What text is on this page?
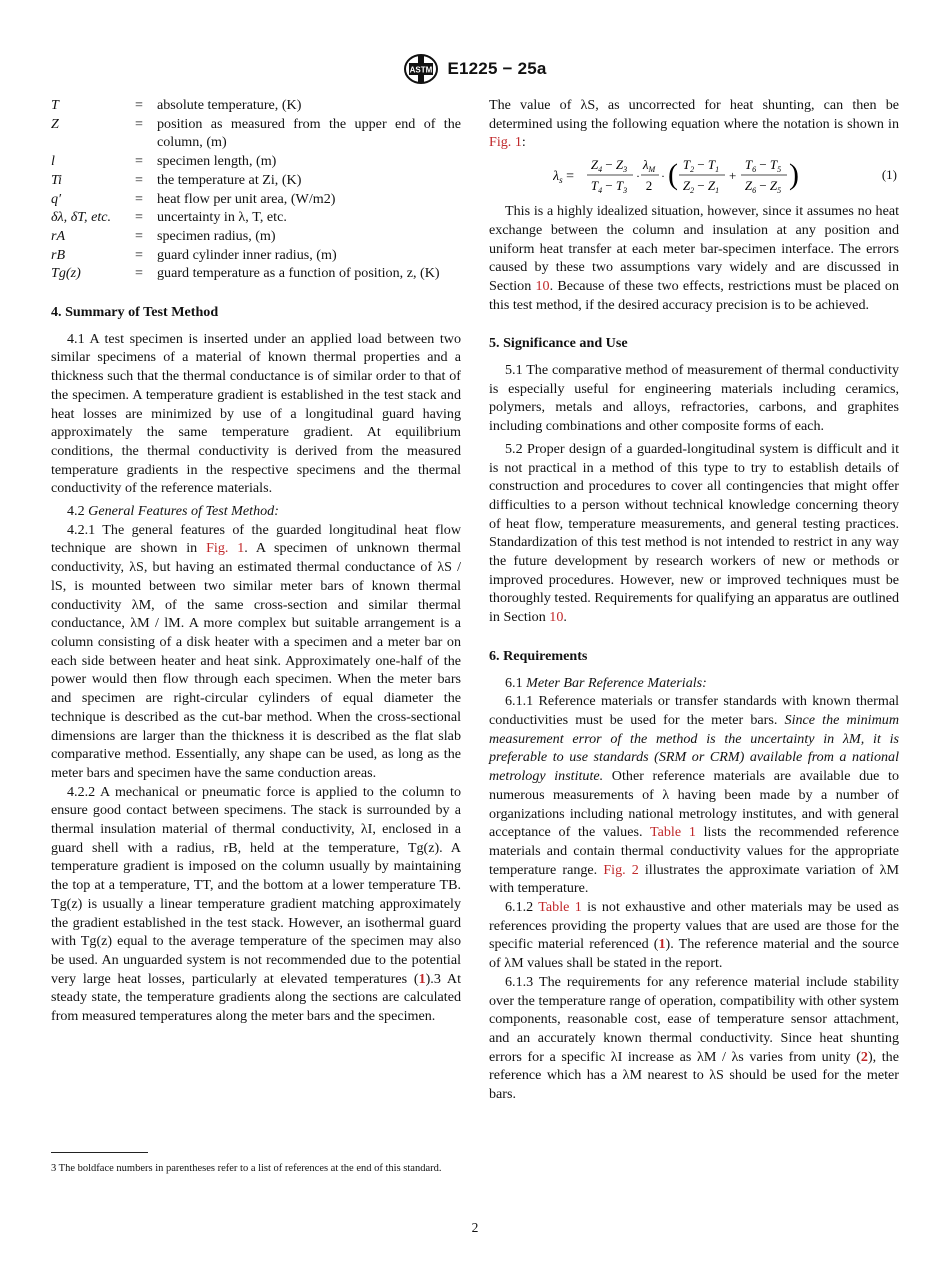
ASTM E1225 − 25a
T	=	absolute temperature, (K)
Z	=	position as measured from the upper end of the column, (m)
l	=	specimen length, (m)
Ti	=	the temperature at Zi, (K)
q′	=	heat flow per unit area, (W/m2)
δλ, δT, etc.	=	uncertainty in λ, T, etc.
rA	=	specimen radius, (m)
rB	=	guard cylinder inner radius, (m)
Tg(z)	=	guard temperature as a function of position, z, (K)

4. Summary of Test Method

4.1 A test specimen is inserted under an applied load between two similar specimens of a material of known thermal properties and a thickness such that the thermal conductance is of similar order to that of the specimen. A temperature gradient is established in the test stack and heat losses are minimized by use of a longitudinal guard having approximately the same temperature gradient. At equilibrium conditions, the thermal conductivity is derived from the measured temperature gradients in the respective specimens and the thermal conductivity of the reference materials.

4.2 General Features of Test Method:

4.2.1 The general features of the guarded longitudinal heat flow technique are shown in Fig. 1. A specimen of unknown thermal conductivity, λS, but having an estimated thermal conductance of λS / lS, is mounted between two similar meter bars of known thermal conductivity λM, of the same cross-section and similar thermal conductance, λM / lM. A more complex but suitable arrangement is a column consisting of a disk heater with a specimen and a meter bar on each side between heater and heat sink. Approximately one-half of the power would then flow through each specimen. When the meter bars and specimen are right-circular cylinders of equal diameter the technique is described as the cut-bar method. When the cross-sectional dimensions are larger than the thickness it is described as the flat slab comparative method. Essentially, any shape can be used, as long as the meter bars and specimen have the same conduction areas.

4.2.2 A mechanical or pneumatic force is applied to the column to ensure good contact between specimens. The stack is surrounded by a thermal insulation material of thermal conductivity, λI, enclosed in a guard shell with a radius, rB, held at the temperature, Tg(z). A temperature gradient is imposed on the column usually by maintaining the top at a temperature, TT, and the bottom at a lower temperature TB. Tg(z) is usually a linear temperature gradient matching approximately the gradient established in the test stack. However, an isothermal guard with Tg(z) equal to the average temperature of the specimen may also be used. An unguarded system is not recommended due to the potential very large heat losses, particularly at elevated temperatures (1).3 At steady state, the temperature gradients along the sections are calculated from measured temperatures along the meter bars and the specimen.

3 The boldface numbers in parentheses refer to a list of references at the end of this standard.

The value of λS, as uncorrected for heat shunting, can then be determined using the following equation where the notation is shown in Fig. 1:

$\lambda_s$ =
$Z_4 - Z_3$
$T_4 - T_3$
·
$\lambda_M$
2
· ( $T_2 - T_1$
$Z_2 - Z_1$
+
$T_6 - T_5$
$Z_6 - Z_5$ )	(1)

This is a highly idealized situation, however, since it assumes no heat exchange between the column and insulation at any position and uniform heat transfer at each meter bar-specimen interface. The errors caused by these two assumptions vary widely and are discussed in Section 10. Because of these two effects, restrictions must be placed on this test method, if the desired accuracy precision is to be achieved.

5. Significance and Use

5.1 The comparative method of measurement of thermal conductivity is especially useful for engineering materials including ceramics, polymers, metals and alloys, refractories, carbons, and graphites including combinations and other composite forms of each.

5.2 Proper design of a guarded-longitudinal system is difficult and it is not practical in a method of this type to try to establish details of construction and procedures to cover all contingencies that might offer difficulties to a person without technical knowledge concerning theory of heat flow, temperature measurements, and general testing practices. Standardization of this test method is not intended to restrict in any way the future development by research workers of new or methods or improved procedures. However, new or improved techniques must be thoroughly tested. Requirements for qualifying an apparatus are outlined in Section 10.

6. Requirements

6.1 Meter Bar Reference Materials:

6.1.1 Reference materials or transfer standards with known thermal conductivities must be used for the meter bars. Since the minimum measurement error of the method is the uncertainty in λM, it is preferable to use standards (SRM or CRM) available from a national metrology institute. Other reference materials are available due to numerous measurements of λ having been made by a number of organizations including national metrology institutes, and with general acceptance of the values. Table 1 lists the recommended reference materials and contain thermal conductivity values for the appropriate temperature range. Fig. 2 illustrates the approximate variation of λM with temperature.

6.1.2 Table 1 is not exhaustive and other materials may be used as references providing the property values that are used are those for the specific material referenced (1). The reference material and the source of λM values shall be stated in the report.

6.1.3 The requirements for any reference material include stability over the temperature range of operation, compatibility with other system components, reasonable cost, ease of temperature sensor attachment, and an accurately known thermal conductivity. Since heat shunting errors for a specific λI increase as λM / λs varies from unity (2), the reference which has a λM nearest to λS should be used for the meter bars.

2
